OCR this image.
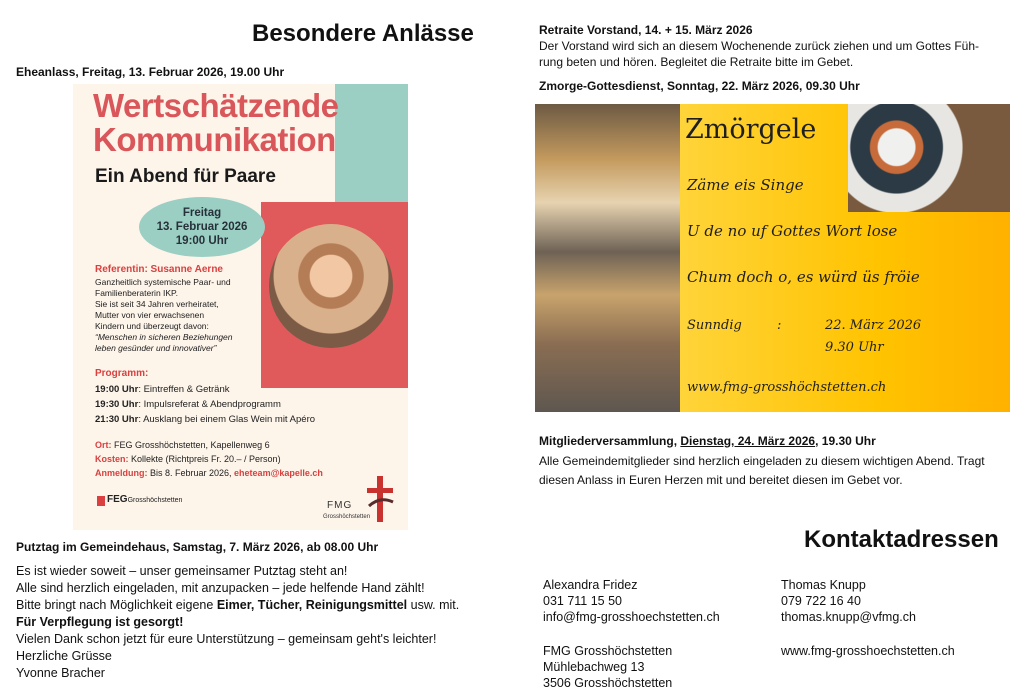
Besondere Anlässe
Eheanlass, Freitag, 13. Februar 2026, 19.00 Uhr
Wertschätzende
Kommunikation
Ein Abend für Paare
Freitag
13. Februar 2026
19:00 Uhr
Referentin: Susanne Aerne
Ganzheitlich systemische Paar- und
Familienberaterin IKP.
Sie ist seit 34 Jahren verheiratet,
Mutter von vier erwachsenen
Kindern und überzeugt davon:
“Menschen in sicheren Beziehungen
leben gesünder und innovativer”
Programm:
19:00 Uhr: Eintreffen & Getränk
19:30 Uhr: Impulsreferat & Abendprogramm
21:30 Uhr: Ausklang bei einem Glas Wein mit Apéro
Ort: FEG Grosshöchstetten, Kapellenweg 6
Kosten: Kollekte (Richtpreis Fr. 20.– / Person)
Anmeldung: Bis 8. Februar 2026, eheteam@kapelle.ch
FEGGrosshöchstetten	FMG
Grosshöchstetten
Putztag im Gemeindehaus, Samstag, 7. März 2026, ab 08.00 Uhr
Es ist wieder soweit – unser gemeinsamer Putztag steht an!
Alle sind herzlich eingeladen, mit anzupacken – jede helfende Hand zählt!
Bitte bringt nach Möglichkeit eigene Eimer, Tücher, Reinigungsmittel usw. mit.
Für Verpflegung ist gesorgt!
Vielen Dank schon jetzt für eure Unterstützung – gemeinsam geht's leichter!
Herzliche Grüsse
Yvonne Bracher
Retraite Vorstand, 14. + 15. März 2026
Der Vorstand wird sich an diesem Wochenende zurück ziehen und um Gottes Füh-
rung beten und hören. Begleitet die Retraite bitte im Gebet.
Zmorge-Gottesdienst, Sonntag, 22. März 2026, 09.30 Uhr
Zmörgele
Zäme eis Singe
U de no uf Gottes Wort lose
Chum doch o, es würd üs fröie
Sunndig	:	22. März 2026
9.30 Uhr
www.fmg-grosshöchstetten.ch
Mitgliederversammlung, Dienstag, 24. März 2026, 19.30 Uhr
Alle Gemeindemitglieder sind herzlich eingeladen zu diesem wichtigen Abend. Tragt
diesen Anlass in Euren Herzen mit und bereitet diesen im Gebet vor.
Kontaktadressen
Alexandra Fridez
031 711 15 50
info@fmg-grosshoechstetten.ch
Thomas Knupp
079 722 16 40
thomas.knupp@vfmg.ch
FMG Grosshöchstetten
Mühlebachweg 13
3506 Grosshöchstetten
www.fmg-grosshoechstetten.ch
